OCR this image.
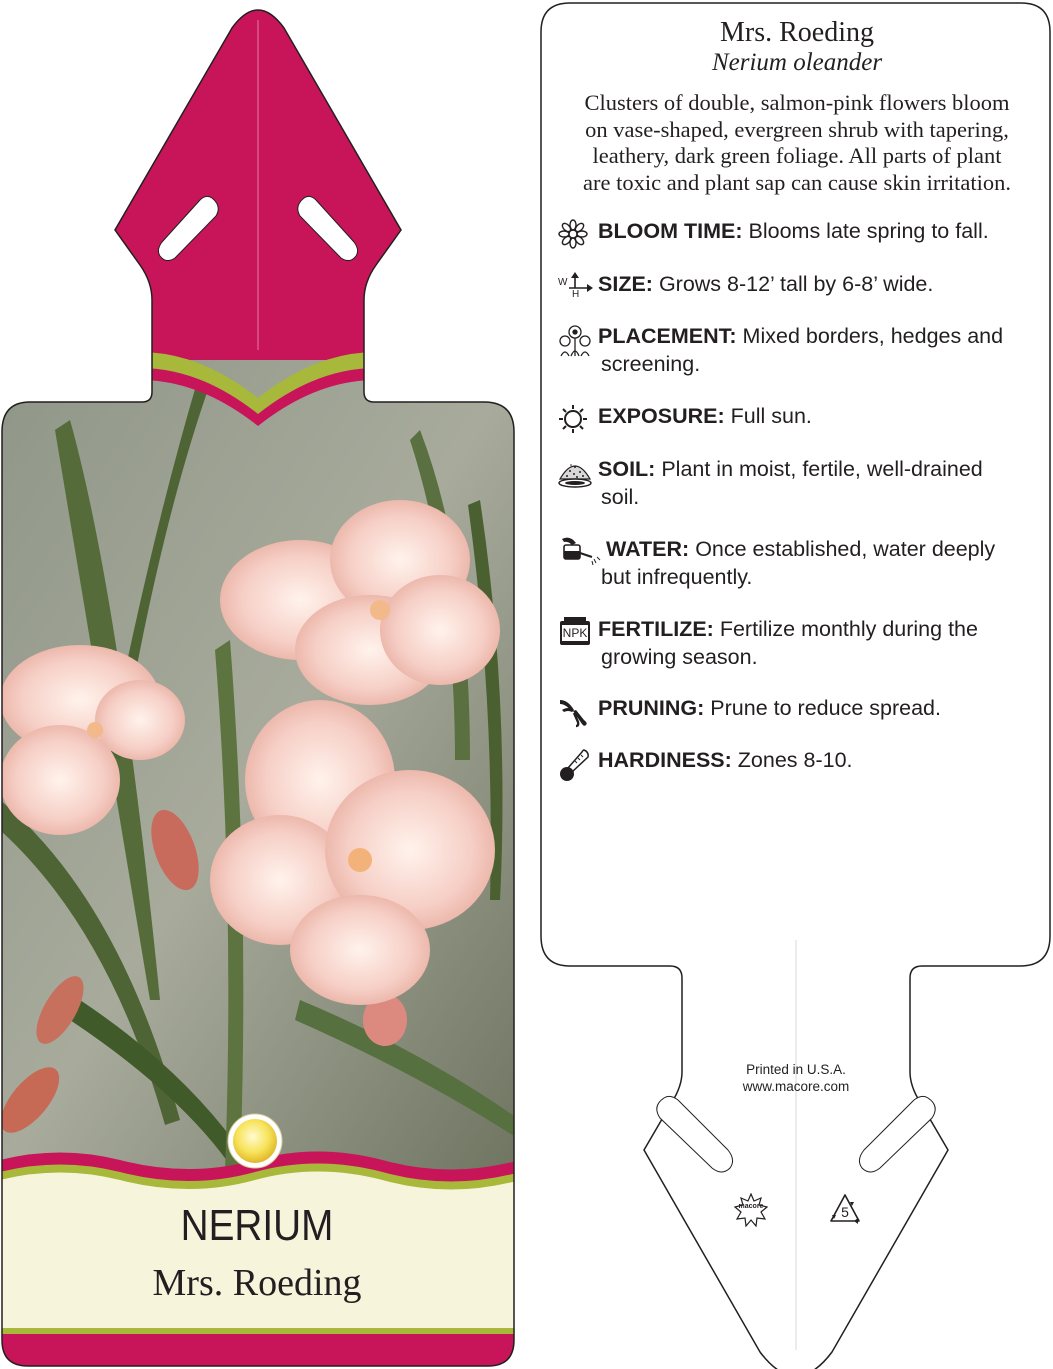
NERIUM
Mrs. Roeding
Mrs. Roeding
Nerium oleander
Clusters of double, salmon-pink flowers bloom
on vase-shaped, evergreen shrub with tapering,
leathery, dark green foliage. All parts of plant
are toxic and plant sap can cause skin irritation.
BLOOM TIME: Blooms late spring to fall.
W
H SIZE: Grows 8-12’ tall by 6-8’ wide.
PLACEMENT: Mixed borders, hedges and
screening.
EXPOSURE: Full sun.
SOIL: Plant in moist, fertile, well-drained
soil.
WATER: Once established, water deeply
but infrequently.
NPK FERTILIZE: Fertilize monthly during the
growing season.
PRUNING: Prune to reduce spread.
HARDINESS: Zones 8-10.
Printed in U.S.A.
www.macore.com
macore	5
